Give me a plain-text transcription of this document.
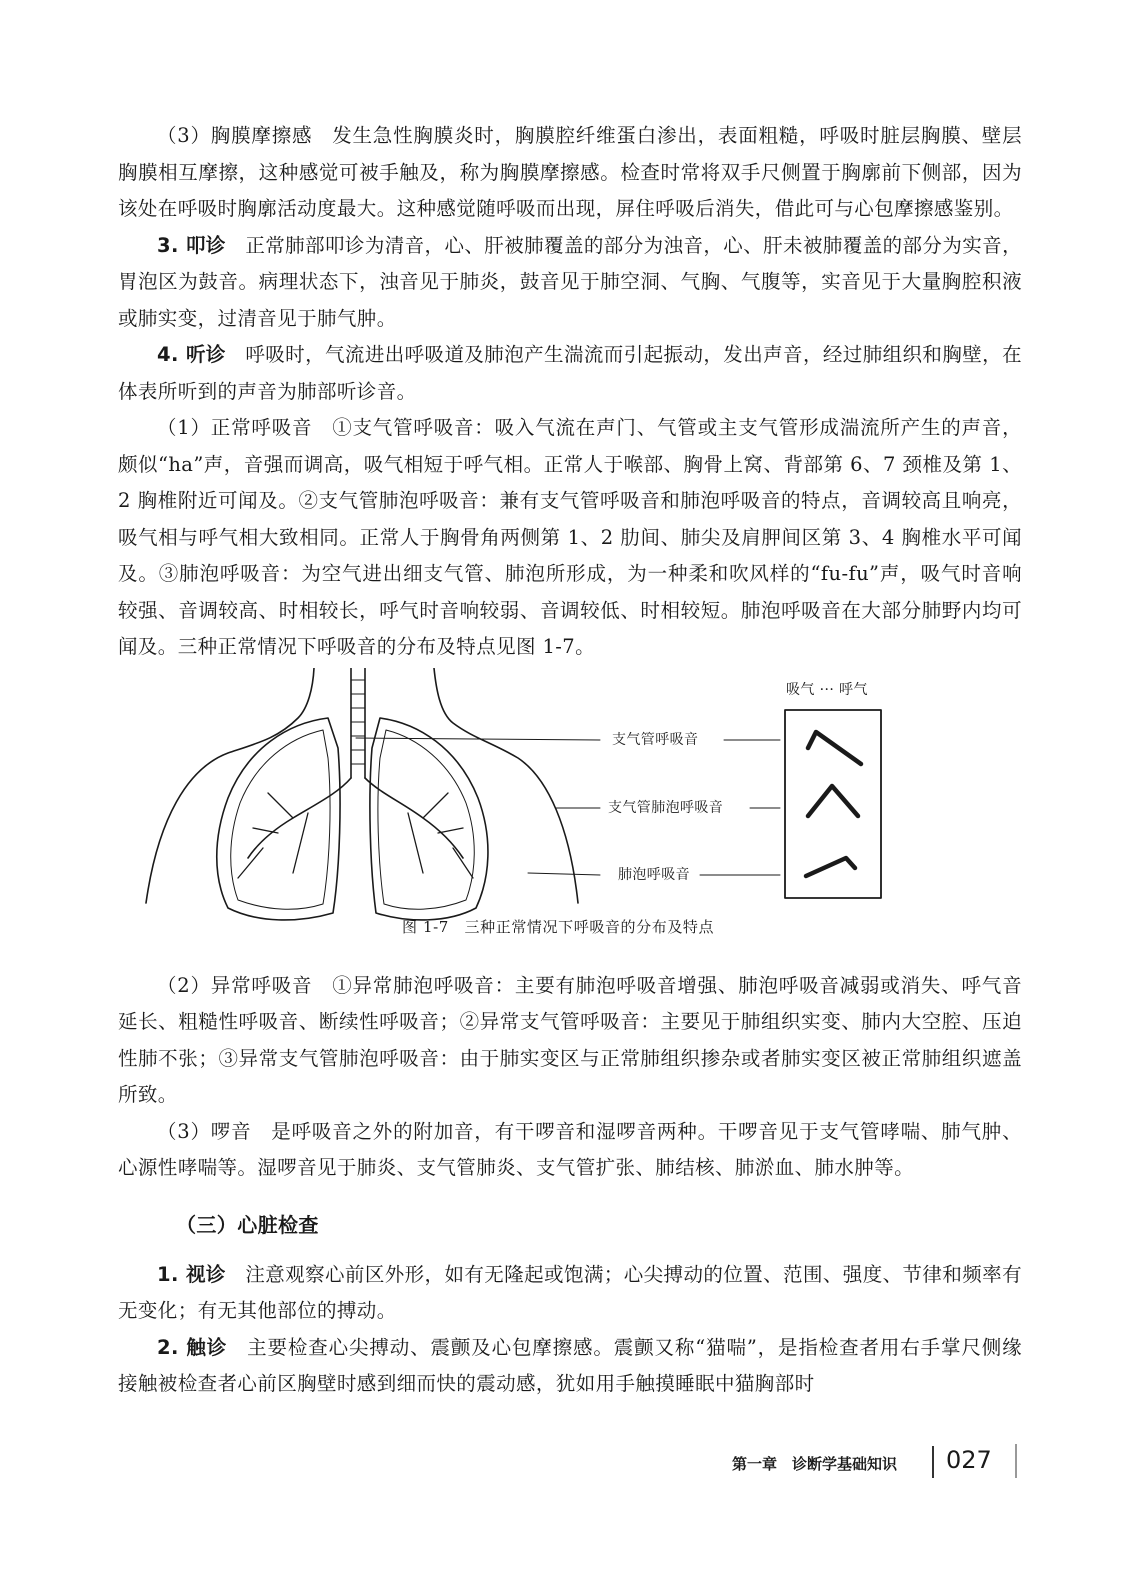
（3）胸膜摩擦感 发生急性胸膜炎时，胸膜腔纤维蛋白渗出，表面粗糙，呼吸时脏层胸膜、壁层胸膜相互摩擦，这种感觉可被手触及，称为胸膜摩擦感。检查时常将双手尺侧置于胸廓前下侧部，因为该处在呼吸时胸廓活动度最大。这种感觉随呼吸而出现，屏住呼吸后消失，借此可与心包摩擦感鉴别。

3. 叩诊 正常肺部叩诊为清音，心、肝被肺覆盖的部分为浊音，心、肝未被肺覆盖的部分为实音，胃泡区为鼓音。病理状态下，浊音见于肺炎，鼓音见于肺空洞、气胸、气腹等，实音见于大量胸腔积液或肺实变，过清音见于肺气肿。

4. 听诊 呼吸时，气流进出呼吸道及肺泡产生湍流而引起振动，发出声音，经过肺组织和胸壁，在体表所听到的声音为肺部听诊音。

（1）正常呼吸音 ①支气管呼吸音：吸入气流在声门、气管或主支气管形成湍流所产生的声音，颇似“ha”声，音强而调高，吸气相短于呼气相。正常人于喉部、胸骨上窝、背部第 6、7 颈椎及第 1、2 胸椎附近可闻及。②支气管肺泡呼吸音：兼有支气管呼吸音和肺泡呼吸音的特点，音调较高且响亮，吸气相与呼气相大致相同。正常人于胸骨角两侧第 1、2 肋间、肺尖及肩胛间区第 3、4 胸椎水平可闻及。③肺泡呼吸音：为空气进出细支气管、肺泡所形成，为一种柔和吹风样的“fu-fu”声，吸气时音响较强、音调较高、时相较长，呼气时音响较弱、音调较低、时相较短。肺泡呼吸音在大部分肺野内均可闻及。三种正常情况下呼吸音的分布及特点见图 1-7。

吸气 ··· 呼气
支气管呼吸音
支气管肺泡呼吸音
肺泡呼吸音
图 1-7　三种正常情况下呼吸音的分布及特点

（2）异常呼吸音 ①异常肺泡呼吸音：主要有肺泡呼吸音增强、肺泡呼吸音减弱或消失、呼气音延长、粗糙性呼吸音、断续性呼吸音；②异常支气管呼吸音：主要见于肺组织实变、肺内大空腔、压迫性肺不张；③异常支气管肺泡呼吸音：由于肺实变区与正常肺组织掺杂或者肺实变区被正常肺组织遮盖所致。

（3）啰音 是呼吸音之外的附加音，有干啰音和湿啰音两种。干啰音见于支气管哮喘、肺气肿、心源性哮喘等。湿啰音见于肺炎、支气管肺炎、支气管扩张、肺结核、肺淤血、肺水肿等。

（三）心脏检查

1. 视诊 注意观察心前区外形，如有无隆起或饱满；心尖搏动的位置、范围、强度、节律和频率有无变化；有无其他部位的搏动。

2. 触诊 主要检查心尖搏动、震颤及心包摩擦感。震颤又称“猫喘”，是指检查者用右手掌尺侧缘接触被检查者心前区胸壁时感到细而快的震动感，犹如用手触摸睡眠中猫胸部时

第一章　诊断学基础知识 027
